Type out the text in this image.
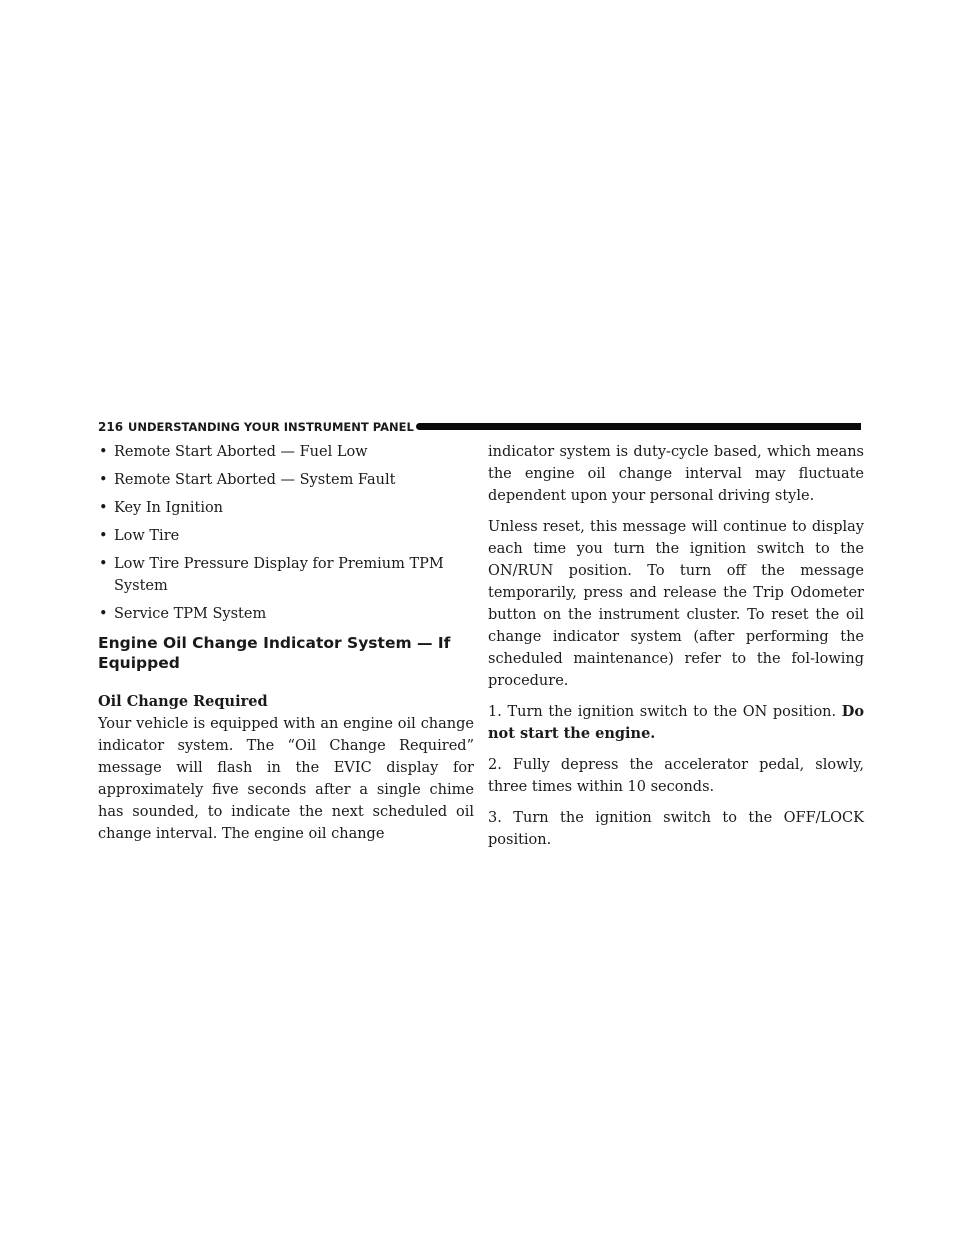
216 UNDERSTANDING YOUR INSTRUMENT PANEL
• Remote Start Aborted — Fuel Low
• Remote Start Aborted — System Fault
• Key In Ignition
• Low Tire
• Low Tire Pressure Display for Premium TPM System
• Service TPM System
Engine Oil Change Indicator System — If Equipped
Oil Change Required

Your vehicle is equipped with an engine oil change indicator system. The “Oil Change Required” message will flash in the EVIC display for approximately five seconds after a single chime has sounded, to indicate the next scheduled oil change interval. The engine oil change

indicator system is duty-cycle based, which means the engine oil change interval may fluctuate dependent upon your personal driving style.

Unless reset, this message will continue to display each time you turn the ignition switch to the ON/RUN position. To turn off the message temporarily, press and release the Trip Odometer button on the instrument cluster. To reset the oil change indicator system (after performing the scheduled maintenance) refer to the fol-lowing procedure.

1. Turn the ignition switch to the ON position. Do not start the engine.

2. Fully depress the accelerator pedal, slowly, three times within 10 seconds.

3. Turn the ignition switch to the OFF/LOCK position.
